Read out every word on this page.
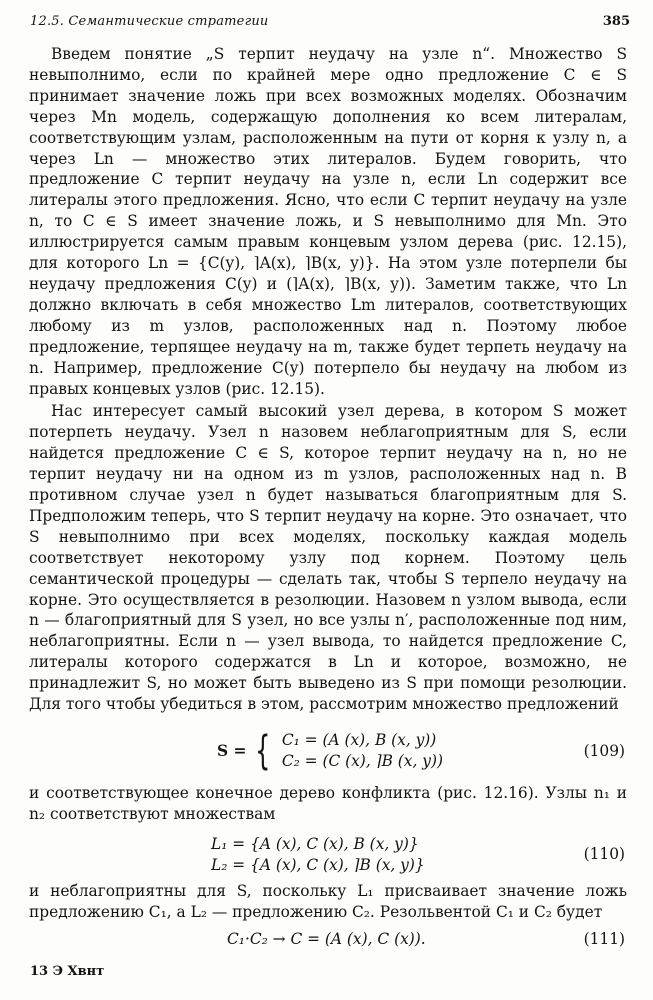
12.5. Семантические стратегии	385

Введем понятие „S терпит неудачу на узле n“. Множество S невыполнимо, если по крайней мере одно предложение C ∈ S принимает значение ложь при всех возможных моделях. Обозначим через Mn модель, содержащую дополнения ко всем литералам, соответствующим узлам, расположенным на пути от корня к узлу n, а через Ln — множество этих литералов. Будем говорить, что предложение C терпит неудачу на узле n, если Ln содержит все литералы этого предложения. Ясно, что если C терпит неудачу на узле n, то C ∈ S имеет значение ложь, и S невыполнимо для Mn. Это иллюстрируется самым правым концевым узлом дерева (рис. 12.15), для которого Ln = {C(y), ⌉A(x), ⌉B(x, y)}. На этом узле потерпели бы неудачу предложения C(y) и (⌉A(x), ⌉B(x, y)). Заметим также, что Ln должно включать в себя множество Lm литералов, соответствующих любому из m узлов, расположенных над n. Поэтому любое предложение, терпящее неудачу на m, также будет терпеть неудачу на n. Например, предложение C(y) потерпело бы неудачу на любом из правых концевых узлов (рис. 12.15).

Нас интересует самый высокий узел дерева, в котором S может потерпеть неудачу. Узел n назовем неблагоприятным для S, если найдется предложение C ∈ S, которое терпит неудачу на n, но не терпит неудачу ни на одном из m узлов, расположенных над n. В противном случае узел n будет называться благоприятным для S. Предположим теперь, что S терпит неудачу на корне. Это означает, что S невыполнимо при всех моделях, поскольку каждая модель соответствует некоторому узлу под корнем. Поэтому цель семантической процедуры — сделать так, чтобы S терпело неудачу на корне. Это осуществляется в резолюции. Назовем n узлом вывода, если n — благоприятный для S узел, но все узлы n′, расположенные под ним, неблагоприятны. Если n — узел вывода, то найдется предложение C, литералы которого содержатся в Ln и которое, возможно, не принадлежит S, но может быть выведено из S при помощи резолюции. Для того чтобы убедиться в этом, рассмотрим множество предложений

S = { C₁ = (A (x), B (x, y))
C₂ = (C (x), ⌉B (x, y))
(109)

и соответствующее конечное дерево конфликта (рис. 12.16). Узлы n₁ и n₂ соответствуют множествам

L₁ = {A (x), C (x), B (x, y)}
L₂ = {A (x), C (x), ⌉B (x, y)}
(110)

и неблагоприятны для S, поскольку L₁ присваивает значение ложь предложению C₁, а L₂ — предложению C₂. Резольвентой C₁ и C₂ будет

C₁·C₂ → C = (A (x), C (x)).	(111)
13 Э Хвнт
